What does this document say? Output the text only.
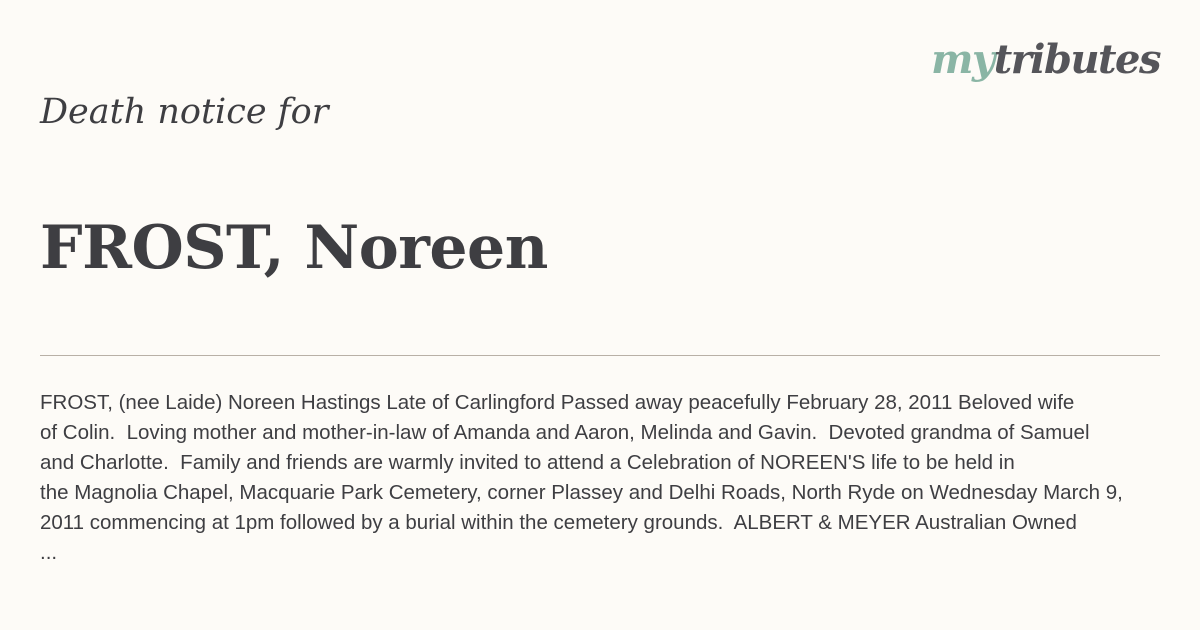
mytributes
Death notice for
FROST, Noreen
FROST, (nee Laide) Noreen Hastings Late of Carlingford Passed away peacefully February 28, 2011 Beloved wife
of Colin.  Loving mother and mother-in-law of Amanda and Aaron, Melinda and Gavin.  Devoted grandma of Samuel
and Charlotte.  Family and friends are warmly invited to attend a Celebration of NOREEN'S life to be held in
the Magnolia Chapel, Macquarie Park Cemetery, corner Plassey and Delhi Roads, North Ryde on Wednesday March 9,
2011 commencing at 1pm followed by a burial within the cemetery grounds.  ALBERT & MEYER Australian Owned
...
